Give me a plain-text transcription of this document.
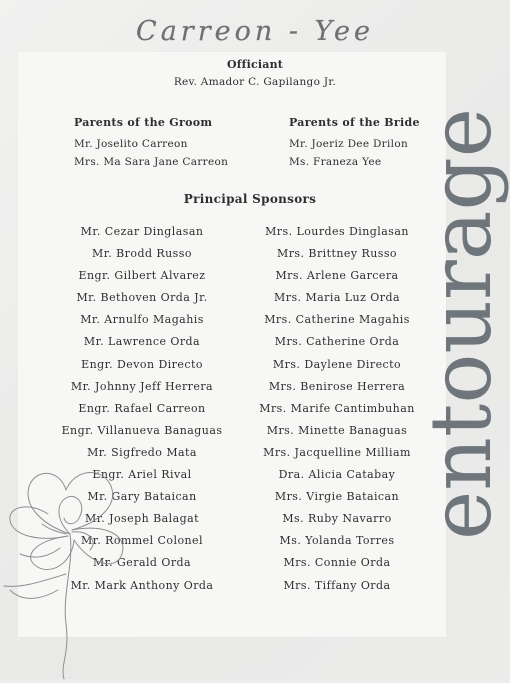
Carreon - Yee
Officiant
Rev. Amador C. Gapilango Jr.
Parents of the Groom
Mr. Joselito Carreon
Mrs. Ma Sara Jane Carreon
Parents of the Bride
Mr. Joeriz Dee Drilon
Ms. Franeza Yee
Principal Sponsors
Mr. Cezar Dinglasan
Mr. Brodd Russo
Engr. Gilbert Alvarez
Mr. Bethoven Orda Jr.
Mr. Arnulfo Magahis
Mr. Lawrence Orda
Engr. Devon Directo
Mr. Johnny Jeff Herrera
Engr. Rafael Carreon
Engr. Villanueva Banaguas
Mr. Sigfredo Mata
Engr. Ariel Rival
Mr. Gary Bataican
Mr. Joseph Balagat
Mr. Rommel Colonel
Mr. Gerald Orda
Mr. Mark Anthony Orda
Mrs. Lourdes Dinglasan
Mrs. Brittney Russo
Mrs. Arlene Garcera
Mrs. Maria Luz Orda
Mrs. Catherine Magahis
Mrs. Catherine Orda
Mrs. Daylene Directo
Mrs. Benirose Herrera
Mrs. Marife Cantimbuhan
Mrs. Minette Banaguas
Mrs. Jacquelline Milliam
Dra. Alicia Catabay
Mrs. Virgie Bataican
Ms. Ruby Navarro
Ms. Yolanda Torres
Mrs. Connie Orda
Mrs. Tiffany Orda
entourage
